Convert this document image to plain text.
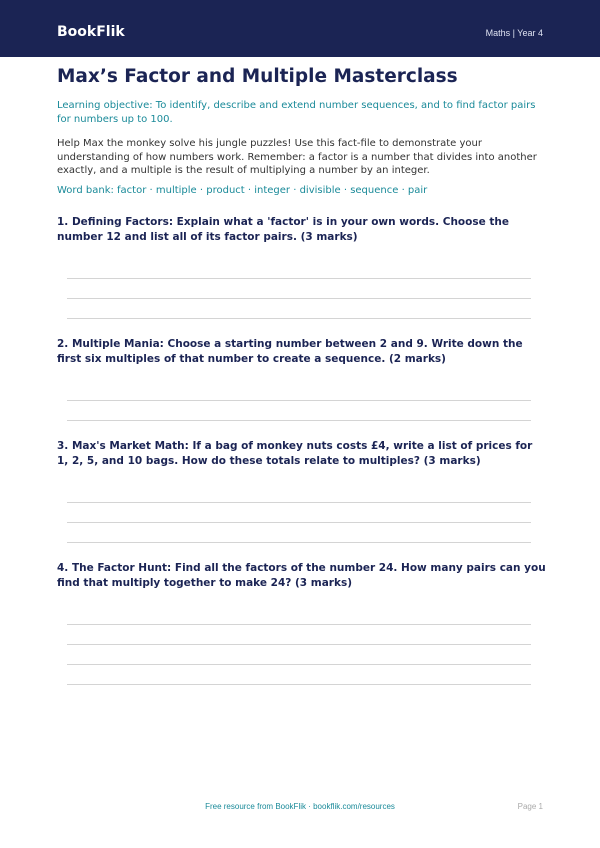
BookFlik	Maths | Year 4
Max’s Factor and Multiple Masterclass
Learning objective: To identify, describe and extend number sequences, and to find factor pairs for numbers up to 100.
Help Max the monkey solve his jungle puzzles! Use this fact-file to demonstrate your understanding of how numbers work. Remember: a factor is a number that divides into another exactly, and a multiple is the result of multiplying a number by an integer.
Word bank: factor · multiple · product · integer · divisible · sequence · pair
1. Defining Factors: Explain what a 'factor' is in your own words. Choose the number 12 and list all of its factor pairs. (3 marks)
2. Multiple Mania: Choose a starting number between 2 and 9. Write down the first six multiples of that number to create a sequence. (2 marks)
3. Max's Market Math: If a bag of monkey nuts costs £4, write a list of prices for 1, 2, 5, and 10 bags. How do these totals relate to multiples? (3 marks)
4. The Factor Hunt: Find all the factors of the number 24. How many pairs can you find that multiply together to make 24? (3 marks)
Free resource from BookFlik · bookflik.com/resources	Page 1
